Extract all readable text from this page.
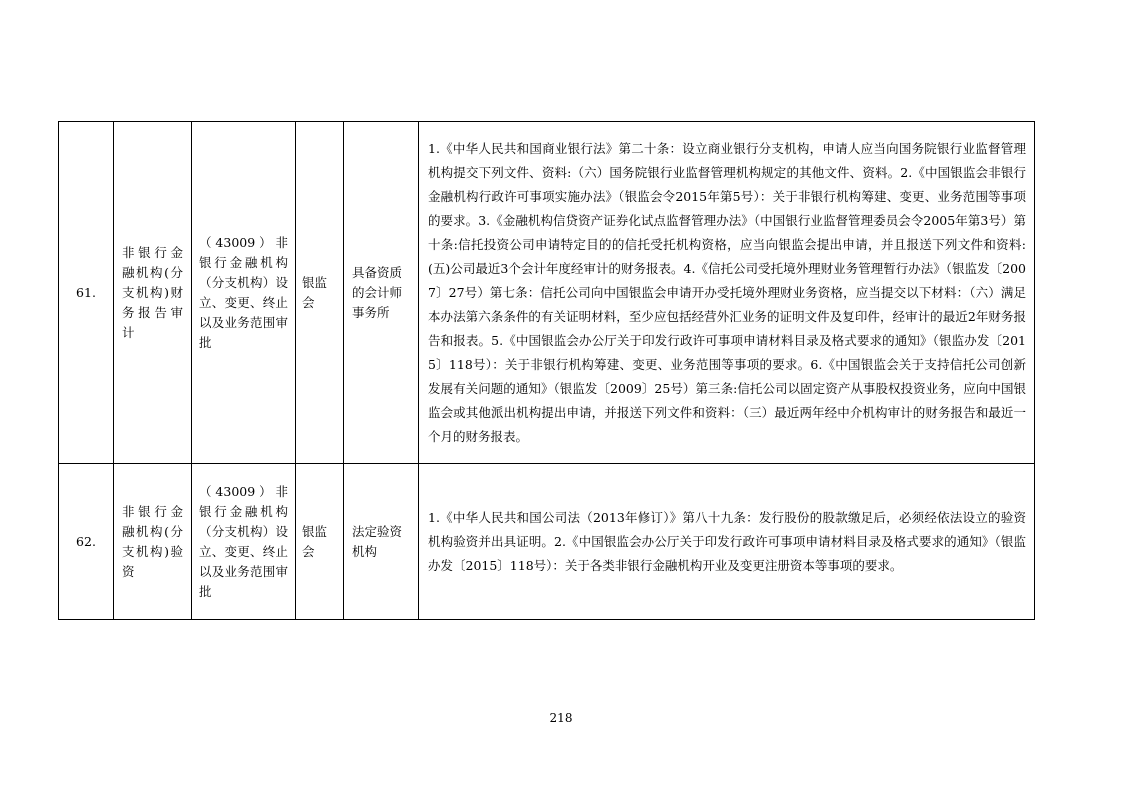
61.	非银行金融机构(分支机构)财务报告审计	（43009）非银行金融机构（分支机构）设立、变更、终止以及业务范围审批	银监会	具备资质的会计师事务所	1.《中华人民共和国商业银行法》第二十条：设立商业银行分支机构，申请人应当向国务院银行业监督管理机构提交下列文件、资料:（六）国务院银行业监督管理机构规定的其他文件、资料。2.《中国银监会非银行金融机构行政许可事项实施办法》（银监会令2015年第5号）：关于非银行机构筹建、变更、业务范围等事项的要求。3.《金融机构信贷资产证券化试点监督管理办法》（中国银行业监督管理委员会令2005年第3号）第十条:信托投资公司申请特定目的的信托受托机构资格，应当向银监会提出申请，并且报送下列文件和资料:(五)公司最近3个会计年度经审计的财务报表。4.《信托公司受托境外理财业务管理暂行办法》（银监发〔2007〕27号）第七条：信托公司向中国银监会申请开办受托境外理财业务资格，应当提交以下材料：（六）满足本办法第六条条件的有关证明材料，至少应包括经营外汇业务的证明文件及复印件，经审计的最近2年财务报告和报表。5.《中国银监会办公厅关于印发行政许可事项申请材料目录及格式要求的通知》（银监办发〔2015〕118号）：关于非银行机构筹建、变更、业务范围等事项的要求。6.《中国银监会关于支持信托公司创新发展有关问题的通知》（银监发〔2009〕25号）第三条:信托公司以固定资产从事股权投资业务，应向中国银监会或其他派出机构提出申请，并报送下列文件和资料：（三）最近两年经中介机构审计的财务报告和最近一个月的财务报表。
62.	非银行金融机构(分支机构)验资	（43009）非银行金融机构（分支机构）设立、变更、终止以及业务范围审批	银监会	法定验资机构	1.《中华人民共和国公司法（2013年修订）》第八十九条：发行股份的股款缴足后，必须经依法设立的验资机构验资并出具证明。2.《中国银监会办公厅关于印发行政许可事项申请材料目录及格式要求的通知》（银监办发〔2015〕118号）：关于各类非银行金融机构开业及变更注册资本等事项的要求。
218
